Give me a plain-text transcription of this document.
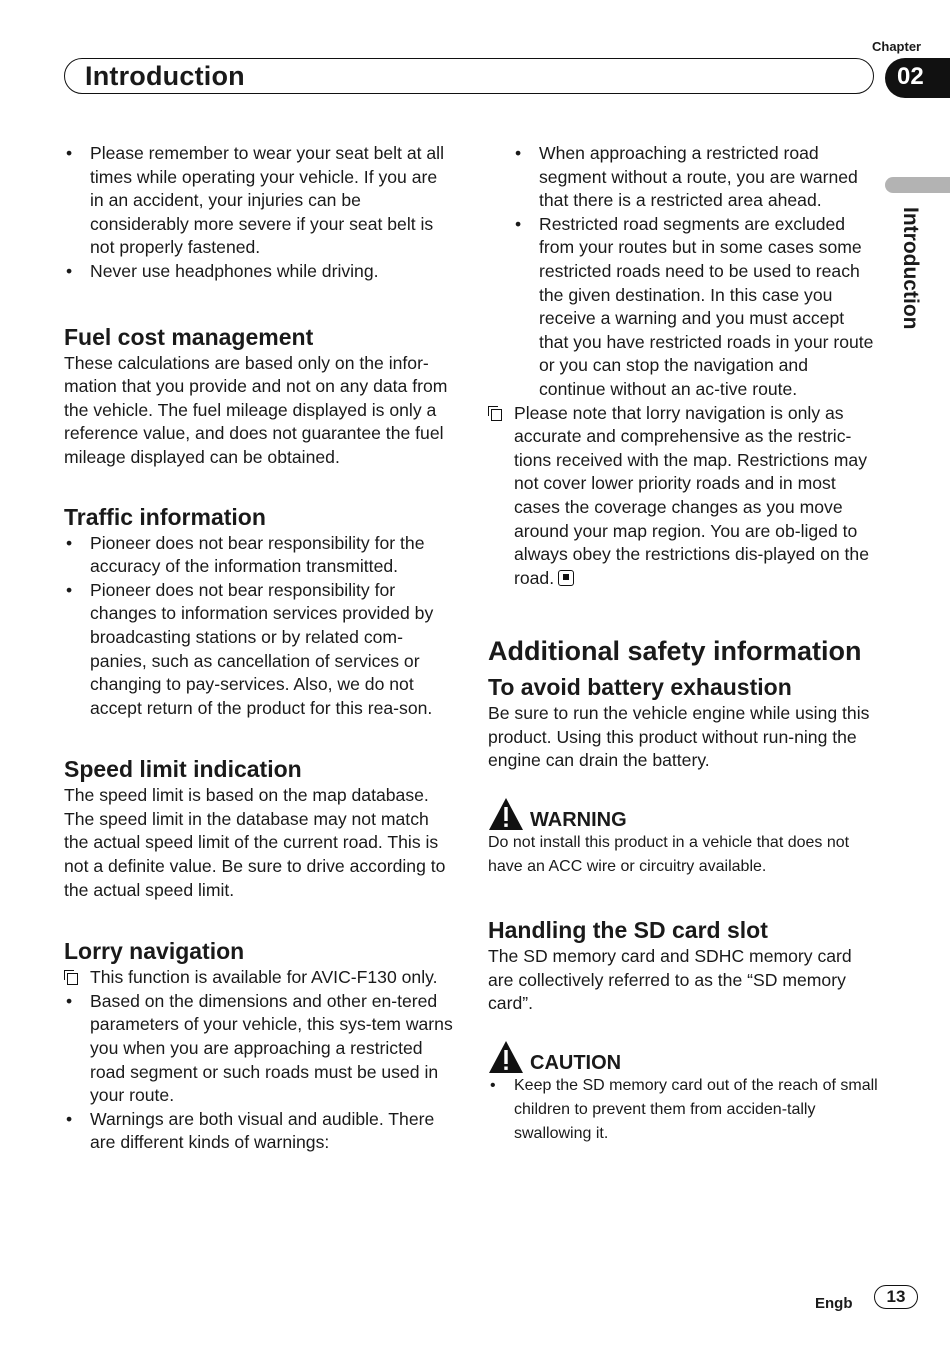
Chapter
Introduction	02
Introduction
• Please remember to wear your seat belt at all times while operating your vehicle. If you are in an accident, your injuries can be considerably more severe if your seat belt is not properly fastened.
• Never use headphones while driving.
Fuel cost management

These calculations are based only on the infor-mation that you provide and not on any data from the vehicle. The fuel mileage displayed is only a reference value, and does not guarantee the fuel mileage displayed can be obtained.

Traffic information
• Pioneer does not bear responsibility for the accuracy of the information transmitted.
• Pioneer does not bear responsibility for changes to information services provided by broadcasting stations or by related com-panies, such as cancellation of services or changing to pay-services. Also, we do not accept return of the product for this rea-son.
Speed limit indication

The speed limit is based on the map database. The speed limit in the database may not match the actual speed limit of the current road. This is not a definite value. Be sure to drive according to the actual speed limit.

Lorry navigation
This function is available for AVIC-F130 only.
• Based on the dimensions and other en-tered parameters of your vehicle, this sys-tem warns you when you are approaching a restricted road segment or such roads must be used in your route.
• Warnings are both visual and audible. There are different kinds of warnings:
• When approaching a restricted road segment without a route, you are warned that there is a restricted area ahead.
• Restricted road segments are excluded from your routes but in some cases some restricted roads need to be used to reach the given destination. In this case you receive a warning and you must accept that you have restricted roads in your route or you can stop the navigation and continue without an ac-tive route.
Please note that lorry navigation is only as accurate and comprehensive as the restric-tions received with the map. Restrictions may not cover lower priority roads and in most cases the coverage changes as you move around your map region. You are ob-liged to always obey the restrictions dis-played on the road.
Additional safety information
To avoid battery exhaustion

Be sure to run the vehicle engine while using this product. Using this product without run-ning the engine can drain the battery.

WARNING

Do not install this product in a vehicle that does not have an ACC wire or circuitry available.

Handling the SD card slot

The SD memory card and SDHC memory card are collectively referred to as the “SD memory card”.

CAUTION
• Keep the SD memory card out of the reach of small children to prevent them from acciden-tally swallowing it.
Engb	13
